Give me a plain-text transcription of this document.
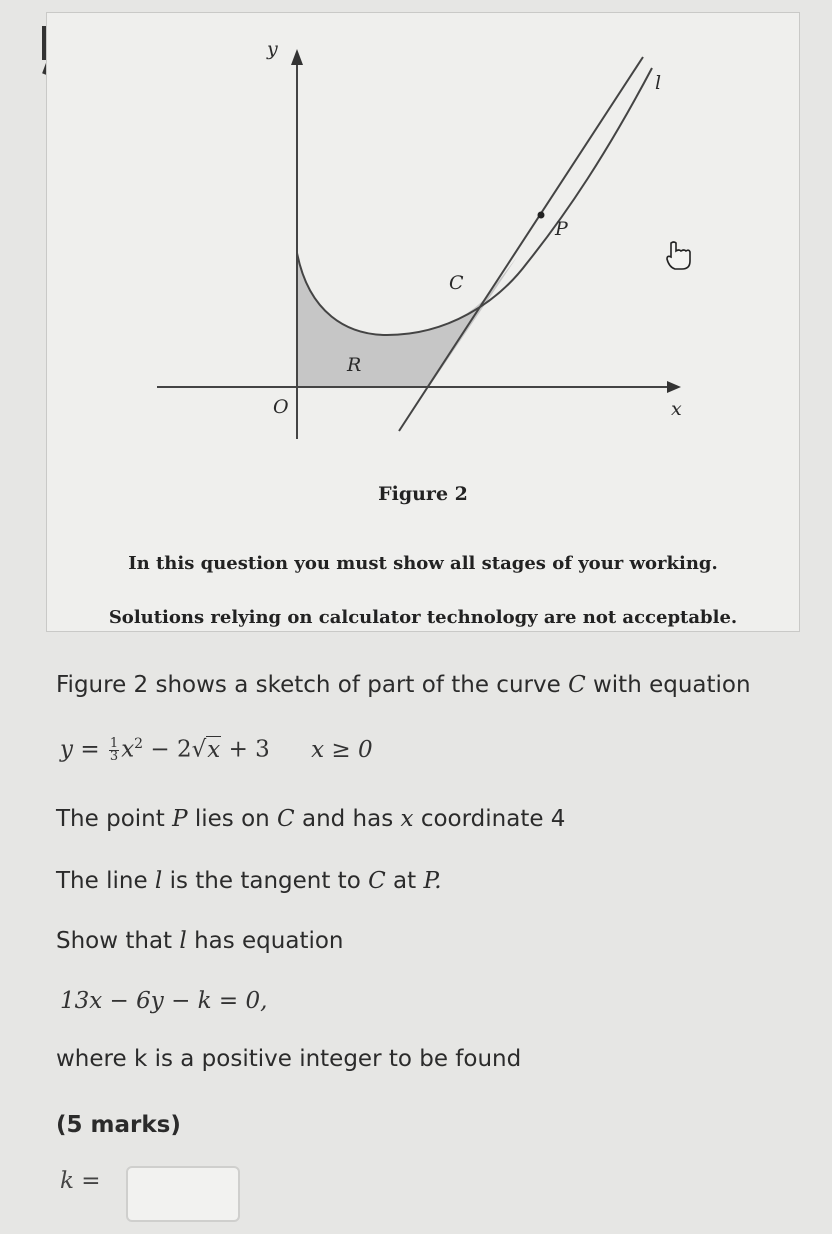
y
x
O
C
P
l
R
Figure 2
In this question you must show all stages of your working.
Solutions relying on calculator technology are not acceptable.
Figure 2 shows a sketch of part of the curve C with equation
$y = \frac{1}{3} x^2 - 2√x + 3$ x ≥ 0
The point P lies on C and has x coordinate 4
The line l is the tangent to C at P.
Show that l has equation
13x − 6y − k = 0,
where k is a positive integer to be found
(5 marks)
k =
